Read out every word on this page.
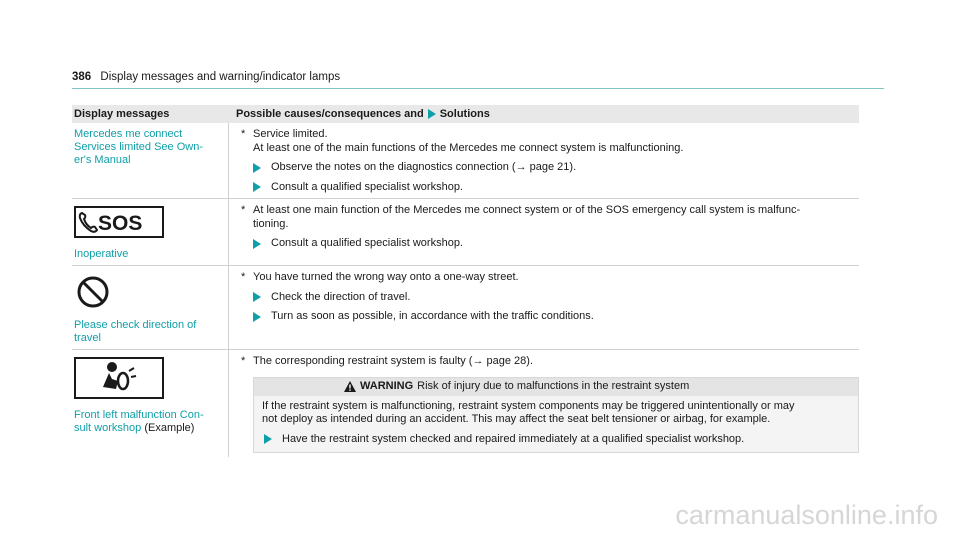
386 Display messages and warning/indicator lamps
Display messages	Possible causes/consequences and Solutions
Mercedes me connect
Services limited See Own-
er's Manual
* Service limited.
At least one of the main functions of the Mercedes me connect system is malfunctioning.
Observe the notes on the diagnostics connection (→ page 21).
Consult a qualified specialist workshop.
SOS
Inoperative
* At least one main function of the Mercedes me connect system or of the SOS emergency call system is malfunc-
tioning.
Consult a qualified specialist workshop.
Please check direction of
travel
* You have turned the wrong way onto a one-way street.
Check the direction of travel.
Turn as soon as possible, in accordance with the traffic conditions.
Front left malfunction Con-
sult workshop (Example)
* The corresponding restraint system is faulty (→ page 28).
WARNING Risk of injury due to malfunctions in the restraint system
If the restraint system is malfunctioning, restraint system components may be triggered unintentionally or may
not deploy as intended during an accident. This may affect the seat belt tensioner or airbag, for example.
Have the restraint system checked and repaired immediately at a qualified specialist workshop.
carmanualsonline.info
